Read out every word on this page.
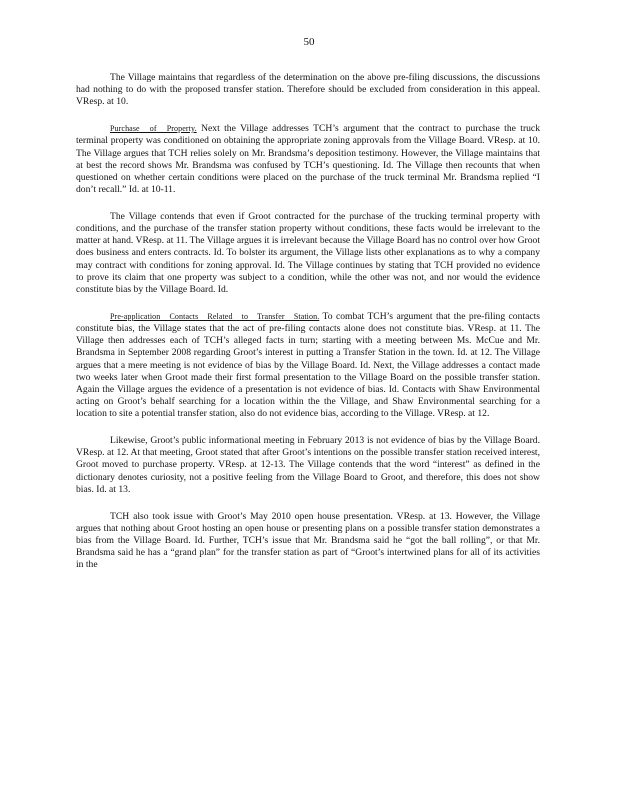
50

The Village maintains that regardless of the determination on the above pre-filing discussions, the discussions had nothing to do with the proposed transfer station. Therefore should be excluded from consideration in this appeal. VResp. at 10.

Purchase of Property. Next the Village addresses TCH’s argument that the contract to purchase the truck terminal property was conditioned on obtaining the appropriate zoning approvals from the Village Board. VResp. at 10. The Village argues that TCH relies solely on Mr. Brandsma’s deposition testimony. However, the Village maintains that at best the record shows Mr. Brandsma was confused by TCH’s questioning. Id. The Village then recounts that when questioned on whether certain conditions were placed on the purchase of the truck terminal Mr. Brandsma replied “I don’t recall.” Id. at 10-11.

The Village contends that even if Groot contracted for the purchase of the trucking terminal property with conditions, and the purchase of the transfer station property without conditions, these facts would be irrelevant to the matter at hand. VResp. at 11. The Village argues it is irrelevant because the Village Board has no control over how Groot does business and enters contracts. Id. To bolster its argument, the Village lists other explanations as to why a company may contract with conditions for zoning approval. Id. The Village continues by stating that TCH provided no evidence to prove its claim that one property was subject to a condition, while the other was not, and nor would the evidence constitute bias by the Village Board. Id.

Pre-application Contacts Related to Transfer Station. To combat TCH’s argument that the pre-filing contacts constitute bias, the Village states that the act of pre-filing contacts alone does not constitute bias. VResp. at 11. The Village then addresses each of TCH’s alleged facts in turn; starting with a meeting between Ms. McCue and Mr. Brandsma in September 2008 regarding Groot’s interest in putting a Transfer Station in the town. Id. at 12. The Village argues that a mere meeting is not evidence of bias by the Village Board. Id. Next, the Village addresses a contact made two weeks later when Groot made their first formal presentation to the Village Board on the possible transfer station. Again the Village argues the evidence of a presentation is not evidence of bias. Id. Contacts with Shaw Environmental acting on Groot’s behalf searching for a location within the the Village, and Shaw Environmental searching for a location to site a potential transfer station, also do not evidence bias, according to the Village. VResp. at 12.

Likewise, Groot’s public informational meeting in February 2013 is not evidence of bias by the Village Board. VResp. at 12. At that meeting, Groot stated that after Groot’s intentions on the possible transfer station received interest, Groot moved to purchase property. VResp. at 12-13. The Village contends that the word “interest” as defined in the dictionary denotes curiosity, not a positive feeling from the Village Board to Groot, and therefore, this does not show bias. Id. at 13.

TCH also took issue with Groot’s May 2010 open house presentation. VResp. at 13. However, the Village argues that nothing about Groot hosting an open house or presenting plans on a possible transfer station demonstrates a bias from the Village Board. Id. Further, TCH’s issue that Mr. Brandsma said he “got the ball rolling”, or that Mr. Brandsma said he has a “grand plan” for the transfer station as part of “Groot’s intertwined plans for all of its activities in the
